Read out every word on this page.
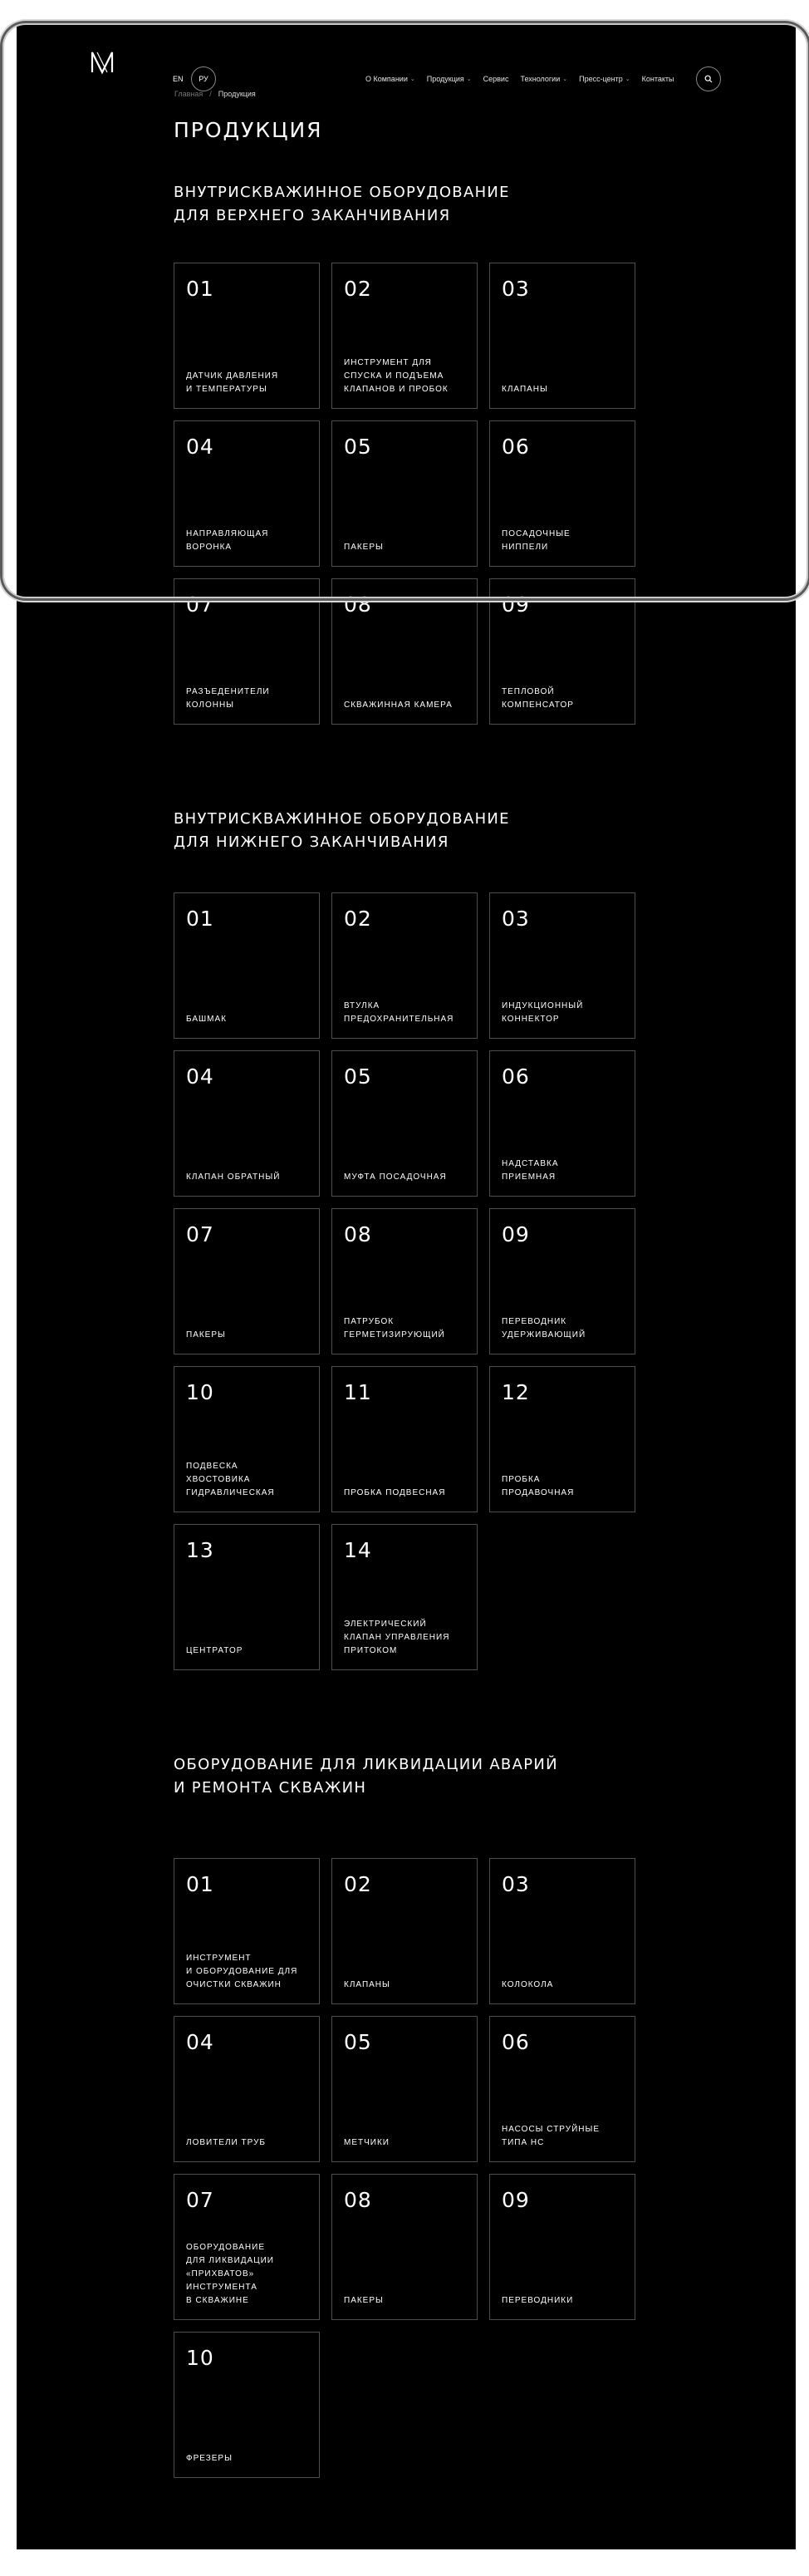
EN	РУ	О Компании ⌄ Продукция ⌄ Сервис Технологии ⌄ Пресс-центр ⌄ Контакты
Главная / Продукция
ПРОДУКЦИЯ
ВНУТРИСКВАЖИННОЕ ОБОРУДОВАНИЕ
ДЛЯ ВЕРХНЕГО ЗАКАНЧИВАНИЯ
01
ДАТЧИК ДАВЛЕНИЯ
И ТЕМПЕРАТУРЫ
02
ИНСТРУМЕНТ ДЛЯ
СПУСКА И ПОДЪЕМА
КЛАПАНОВ И ПРОБОК
03
КЛАПАНЫ
04
НАПРАВЛЯЮЩАЯ
ВОРОНКА
05
ПАКЕРЫ
06
ПОСАДОЧНЫЕ
НИППЕЛИ
07
РАЗЪЕДЕНИТЕЛИ
КОЛОННЫ
08
СКВАЖИННАЯ КАМЕРА
09
ТЕПЛОВОЙ
КОМПЕНСАТОР
ВНУТРИСКВАЖИННОЕ ОБОРУДОВАНИЕ
ДЛЯ НИЖНЕГО ЗАКАНЧИВАНИЯ
01
БАШМАК
02
ВТУЛКА
ПРЕДОХРАНИТЕЛЬНАЯ
03
ИНДУКЦИОННЫЙ
КОННЕКТОР
04
КЛАПАН ОБРАТНЫЙ
05
МУФТА ПОСАДОЧНАЯ
06
НАДСТАВКА
ПРИЕМНАЯ
07
ПАКЕРЫ
08
ПАТРУБОК
ГЕРМЕТИЗИРУЮЩИЙ
09
ПЕРЕВОДНИК
УДЕРЖИВАЮЩИЙ
10
ПОДВЕСКА
ХВОСТОВИКА
ГИДРАВЛИЧЕСКАЯ
11
ПРОБКА ПОДВЕСНАЯ
12
ПРОБКА
ПРОДАВОЧНАЯ
13
ЦЕНТРАТОР
14
ЭЛЕКТРИЧЕСКИЙ
КЛАПАН УПРАВЛЕНИЯ
ПРИТОКОМ
ОБОРУДОВАНИЕ ДЛЯ ЛИКВИДАЦИИ АВАРИЙ
И РЕМОНТА СКВАЖИН
01
ИНСТРУМЕНТ
И ОБОРУДОВАНИЕ ДЛЯ
ОЧИСТКИ СКВАЖИН
02
КЛАПАНЫ
03
КОЛОКОЛА
04
ЛОВИТЕЛИ ТРУБ
05
МЕТЧИКИ
06
НАСОСЫ СТРУЙНЫЕ
ТИПА НС
07
ОБОРУДОВАНИЕ
ДЛЯ ЛИКВИДАЦИИ
«ПРИХВАТОВ»
ИНСТРУМЕНТА
В СКВАЖИНЕ
08
ПАКЕРЫ
09
ПЕРЕВОДНИКИ
10
ФРЕЗЕРЫ
